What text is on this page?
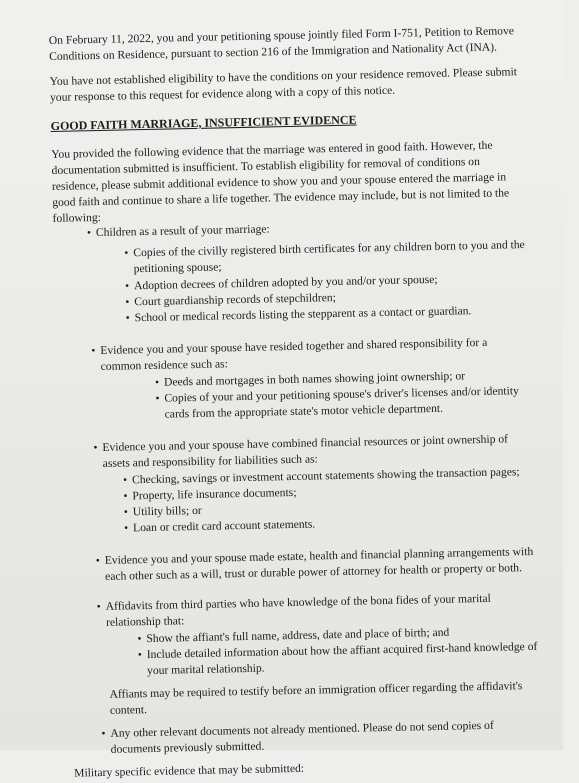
On February 11, 2022, you and your petitioning spouse jointly filed Form I-751, Petition to Remove Conditions on Residence, pursuant to section 216 of the Immigration and Nationality Act (INA).

You have not established eligibility to have the conditions on your residence removed. Please submit your response to this request for evidence along with a copy of this notice.

GOOD FAITH MARRIAGE, INSUFFICIENT EVIDENCE

You provided the following evidence that the marriage was entered in good faith. However, the documentation submitted is insufficient. To establish eligibility for removal of conditions on residence, please submit additional evidence to show you and your spouse entered the marriage in good faith and continue to share a life together. The evidence may include, but is not limited to the following:

• Children as a result of your marriage:

• Copies of the civilly registered birth certificates for any children born to you and the petitioning spouse;

• Adoption decrees of children adopted by you and/or your spouse;

• Court guardianship records of stepchildren;

• School or medical records listing the stepparent as a contact or guardian.

• Evidence you and your spouse have resided together and shared responsibility for a common residence such as:

• Deeds and mortgages in both names showing joint ownership; or

• Copies of your and your petitioning spouse's driver's licenses and/or identity cards from the appropriate state's motor vehicle department.

• Evidence you and your spouse have combined financial resources or joint ownership of assets and responsibility for liabilities such as:

• Checking, savings or investment account statements showing the transaction pages;

• Property, life insurance documents;

• Utility bills; or

• Loan or credit card account statements.

• Evidence you and your spouse made estate, health and financial planning arrangements with each other such as a will, trust or durable power of attorney for health or property or both.

• Affidavits from third parties who have knowledge of the bona fides of your marital relationship that:

• Show the affiant's full name, address, date and place of birth; and

• Include detailed information about how the affiant acquired first-hand knowledge of your marital relationship.

Affiants may be required to testify before an immigration officer regarding the affidavit's content.

• Any other relevant documents not already mentioned. Please do not send copies of documents previously submitted.

Military specific evidence that may be submitted:
